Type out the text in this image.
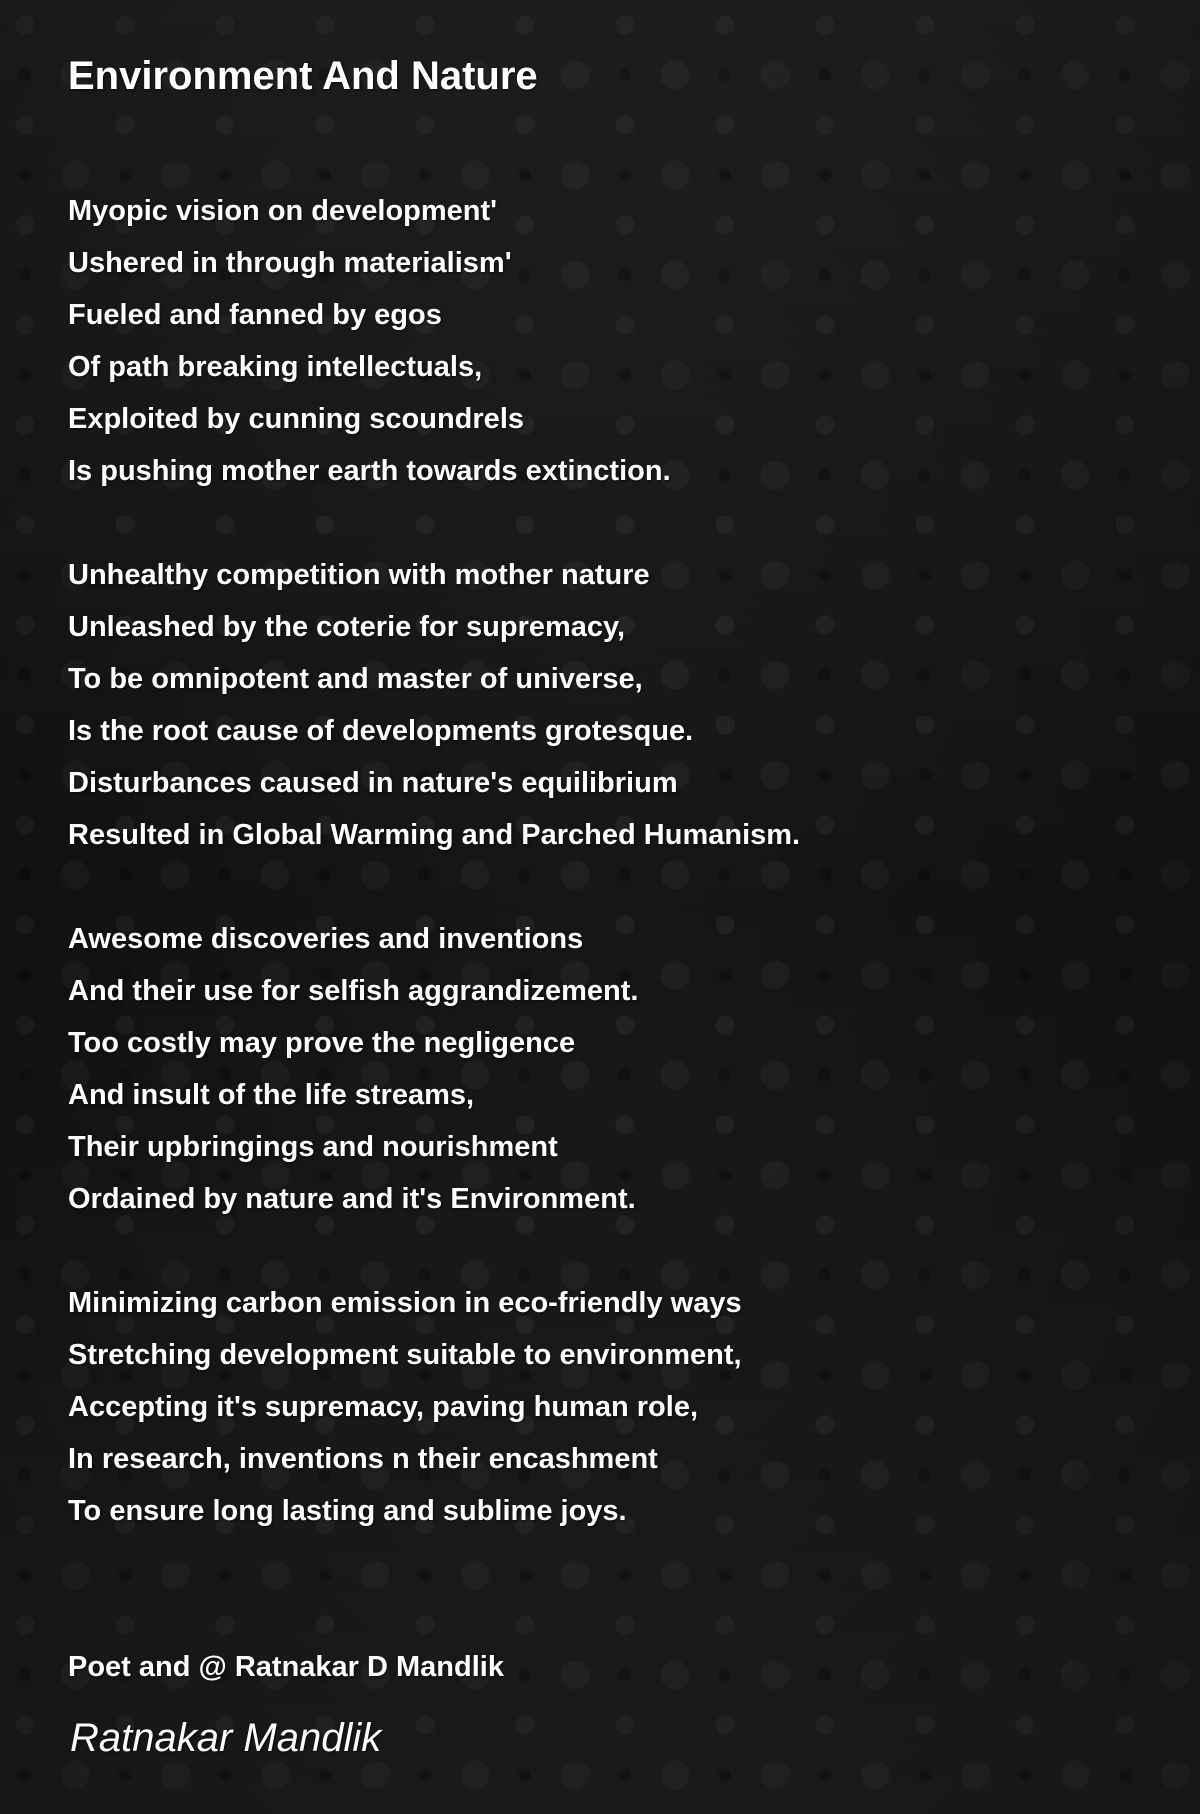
Environment And Nature
Myopic vision on development'
Ushered in through materialism'
Fueled and fanned by egos
Of path breaking intellectuals,
Exploited by cunning scoundrels
Is pushing mother earth towards extinction.
Unhealthy competition with mother nature
Unleashed by the coterie for supremacy,
To be omnipotent and master of universe,
Is the root cause of developments grotesque.
Disturbances caused in nature's equilibrium
Resulted in Global Warming and Parched Humanism.
Awesome discoveries and inventions
And their use for selfish aggrandizement.
Too costly may prove the negligence
And insult of the life streams,
Their upbringings and nourishment
Ordained by nature and it's Environment.
Minimizing carbon emission in eco-friendly ways
Stretching development suitable to environment,
Accepting it's supremacy, paving human role,
In research, inventions n their encashment
To ensure long lasting and sublime joys.
Poet and @ Ratnakar D Mandlik
Ratnakar Mandlik
